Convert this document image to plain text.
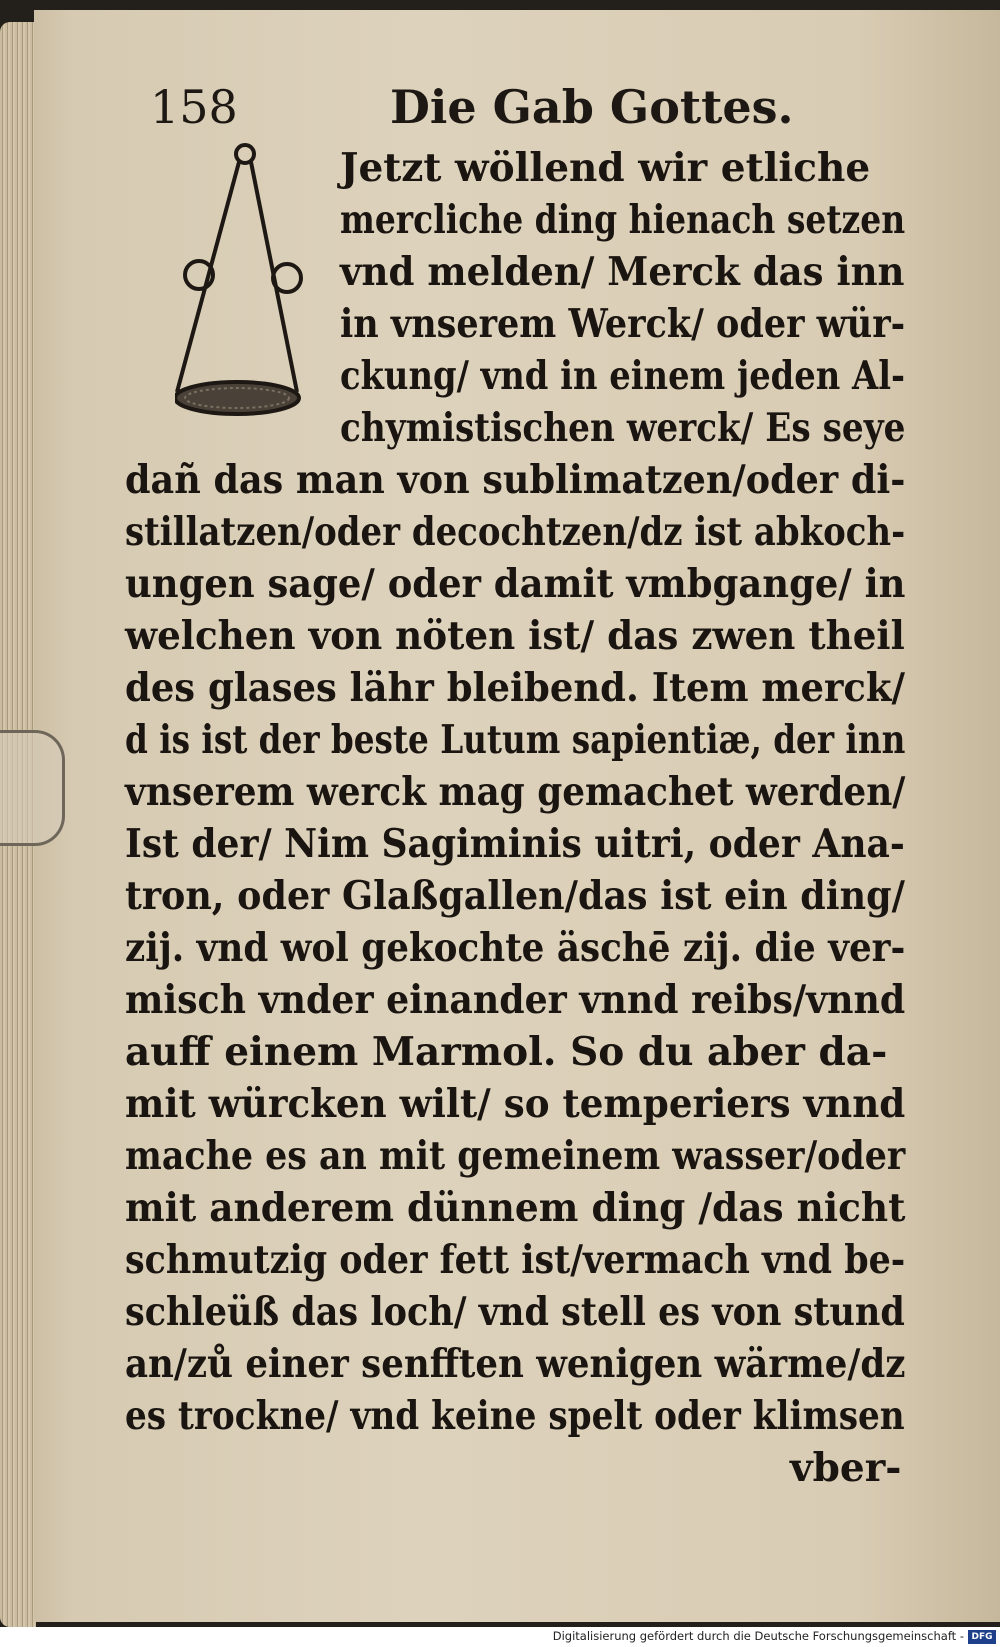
158	Die Gab Gottes.
Jetzt wöllend wir etliche
mercliche ding hienach setzen
vnd melden/ Merck das inn
in vnserem Werck/ oder wür-
ckung/ vnd in einem jeden Al-
chymistischen werck/ Es seye
dañ das man von sublimatzen/oder di-
stillatzen/oder decochtzen/dz ist abkoch-
ungen sage/ oder damit vmbgange/ in
welchen von nöten ist/ das zwen theil
des glases lähr bleibend. Item merck/
d is ist der beste Lutum sapientiæ, der inn
vnserem werck mag gemachet werden/
Ist der/ Nim Sagiminis uitri, oder Ana-
tron, oder Glaßgallen/das ist ein ding/
zij. vnd wol gekochte äschē zij. die ver-
misch vnder einander vnnd reibs/vnnd
auff einem Marmol. So du aber da-
mit würcken wilt/ so temperiers vnnd
mache es an mit gemeinem wasser/oder
mit anderem dünnem ding /das nicht
schmutzig oder fett ist/vermach vnd be-
schleüß das loch/ vnd stell es von stund
an/zů einer senfften wenigen wärme/dz
es trockne/ vnd keine spelt oder klimsen
vber-
Digitalisierung gefördert durch die Deutsche Forschungsgemeinschaft - DFG
